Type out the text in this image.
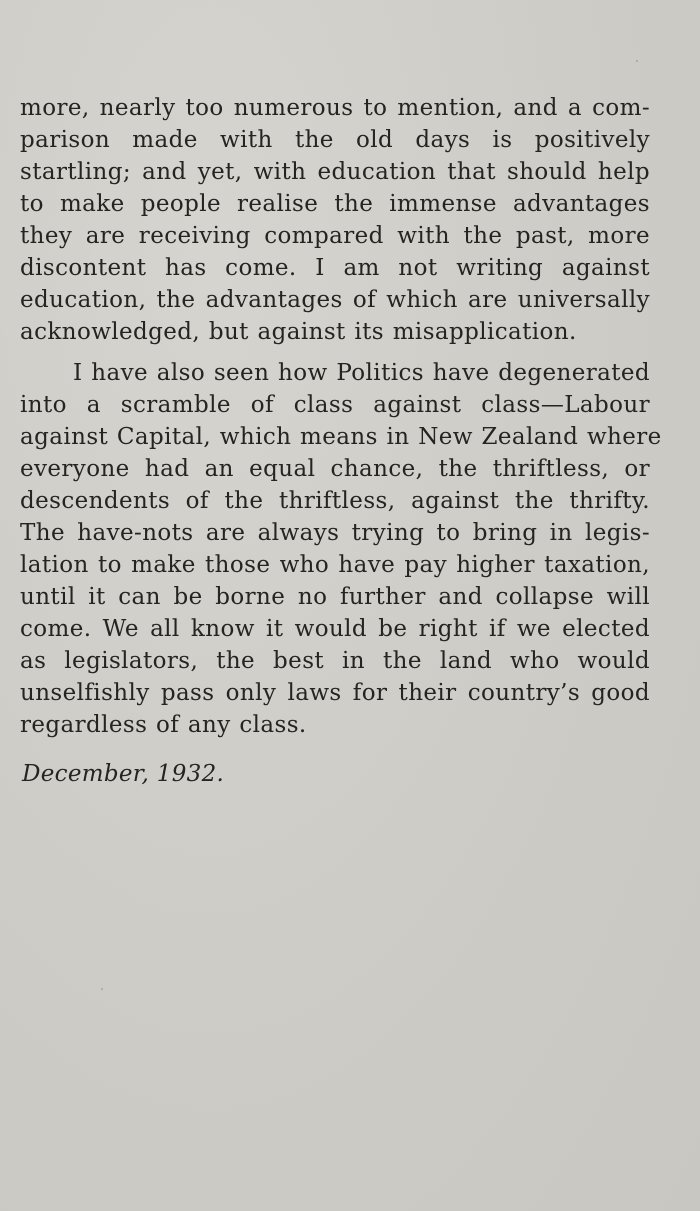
more, nearly too numerous to mention, and a com-
parison made with the old days is positively
startling; and yet, with education that should help
to make people realise the immense advantages
they are receiving compared with the past, more
discontent has come. I am not writing against
education, the advantages of which are universally
acknowledged, but against its misapplication.
I have also seen how Politics have degenerated
into a scramble of class against class—Labour
against Capital, which means in New Zealand where
everyone had an equal chance, the thriftless, or
descendents of the thriftless, against the thrifty.
The have-nots are always trying to bring in legis-
lation to make those who have pay higher taxation,
until it can be borne no further and collapse will
come. We all know it would be right if we elected
as legislators, the best in the land who would
unselfishly pass only laws for their country’s good
regardless of any class.
December, 1932.
